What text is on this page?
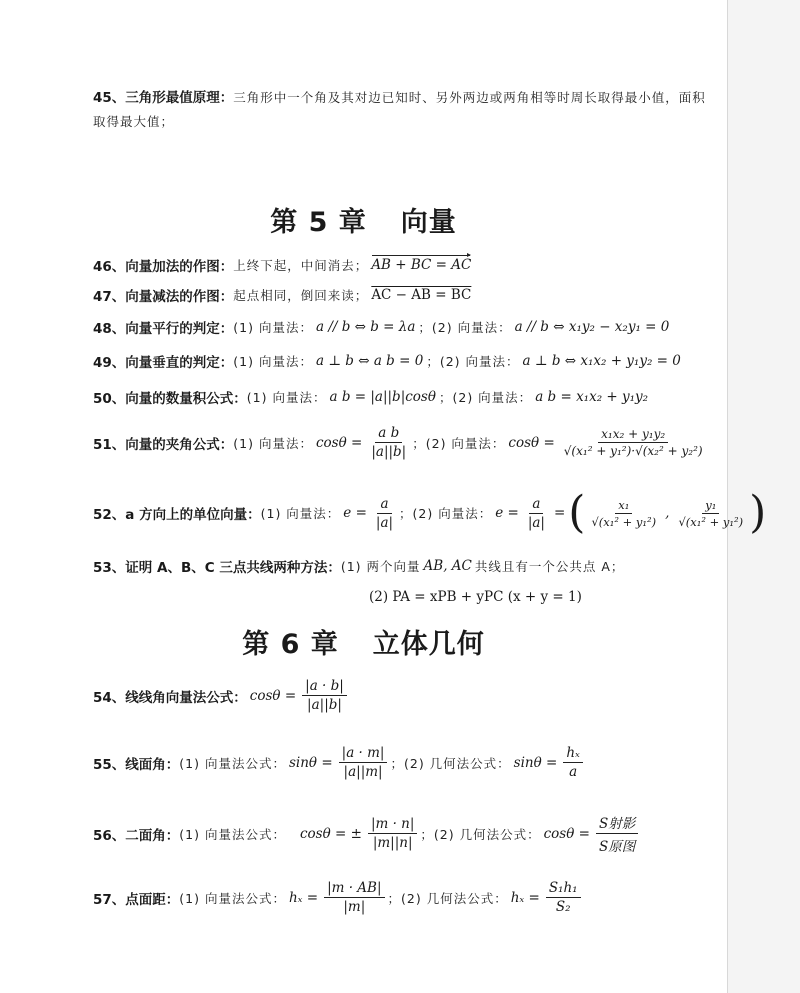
45、三角形最值原理：三角形中一个角及其对边已知时、另外两边或两角相等时周长取得最小值，面积取得最大值；
第 5 章 向量
46、 向量加法的作图： 上终下起，中间消去； AB + BC = AC
47、 向量减法的作图： 起点相同，倒回来读； AC − AB = BC
48、 向量平行的判定： (1) 向量法： a // b ⇔ b = λa ；(2) 向量法： a // b ⇔ x₁y₂ − x₂y₁ = 0
49、 向量垂直的判定： (1) 向量法： a ⊥ b ⇔ a b = 0 ；(2) 向量法： a ⊥ b ⇔ x₁x₂ + y₁y₂ = 0
50、 向量的数量积公式： (1) 向量法： a b = |a||b|cosθ ；(2) 向量法： a b = x₁x₂ + y₁y₂
51、 向量的夹角公式： (1) 向量法： $\cos\theta = \frac{\text{a b}}{|a||b|}$ ；(2) 向量法： $\cos\theta = \frac{\text{x₁x₂ + y₁y₂}}{\text{√(x₁² + y₁²)·√(x₂² + y₂²)}}$
52、 a 方向上的单位向量： (1) 向量法： $e = \frac{a}{|a|}$ ；(2) 向量法： $e = \frac{a}{|a|}$ = ( $\frac{\text{x₁}}{\text{√(x₁² + y₁²)}}$ , $\frac{\text{y₁}}{\text{√(x₁² + y₁²)}}$ )
53、 证明 A、B、C 三点共线两种方法： (1) 两个向量 AB, AC 共线且有一个公共点 A；
(2) PA = xPB + yPC (x + y = 1)
第 6 章 立体几何
54、 线线角向量法公式： $\cos\theta = \frac{|a \cdot b|}{|a||b|}$
55、 线面角： (1) 向量法公式： $\sin\theta = \frac{|a \cdot m|}{|a||m|}$ ；(2) 几何法公式： $\sin\theta = \frac{\text{hₓ}}{a}$
56、 二面角： (1) 向量法公式： cosθ = ± $\frac{|m \cdot n|}{|m||n|}$ ；(2) 几何法公式： $\cos\theta = \frac{\text{S射影}}{\text{S原图}}$
57、 点面距： (1) 向量法公式： $h_x = \frac{|m \cdot AB|}{|m|}$ ；(2) 几何法公式： $h_x = \frac{\text{S₁h₁}}{\text{S₂}}$
